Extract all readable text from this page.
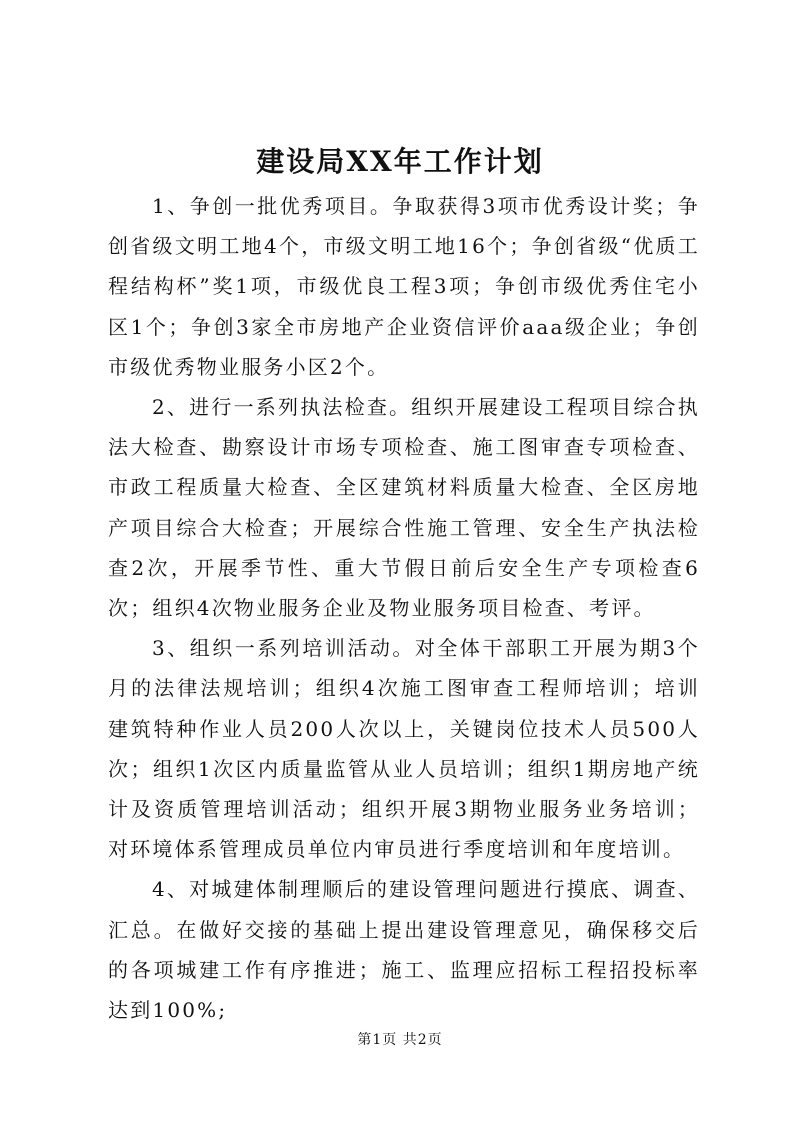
建设局XX年工作计划

1、争创一批优秀项目。争取获得3项市优秀设计奖；争创省级文明工地4个，市级文明工地16个；争创省级“优质工程结构杯”奖1项，市级优良工程3项；争创市级优秀住宅小区1个；争创3家全市房地产企业资信评价aaa级企业；争创市级优秀物业服务小区2个。

2、进行一系列执法检查。组织开展建设工程项目综合执法大检查、勘察设计市场专项检查、施工图审查专项检查、市政工程质量大检查、全区建筑材料质量大检查、全区房地产项目综合大检查；开展综合性施工管理、安全生产执法检查2次，开展季节性、重大节假日前后安全生产专项检查6次；组织4次物业服务企业及物业服务项目检查、考评。

3、组织一系列培训活动。对全体干部职工开展为期3个月的法律法规培训；组织4次施工图审查工程师培训；培训建筑特种作业人员200人次以上，关键岗位技术人员500人次；组织1次区内质量监管从业人员培训；组织1期房地产统计及资质管理培训活动；组织开展3期物业服务业务培训；对环境体系管理成员单位内审员进行季度培训和年度培训。

4、对城建体制理顺后的建设管理问题进行摸底、调查、汇总。在做好交接的基础上提出建设管理意见，确保移交后的各项城建工作有序推进；施工、监理应招标工程招投标率达到100%;

第1页 共2页
